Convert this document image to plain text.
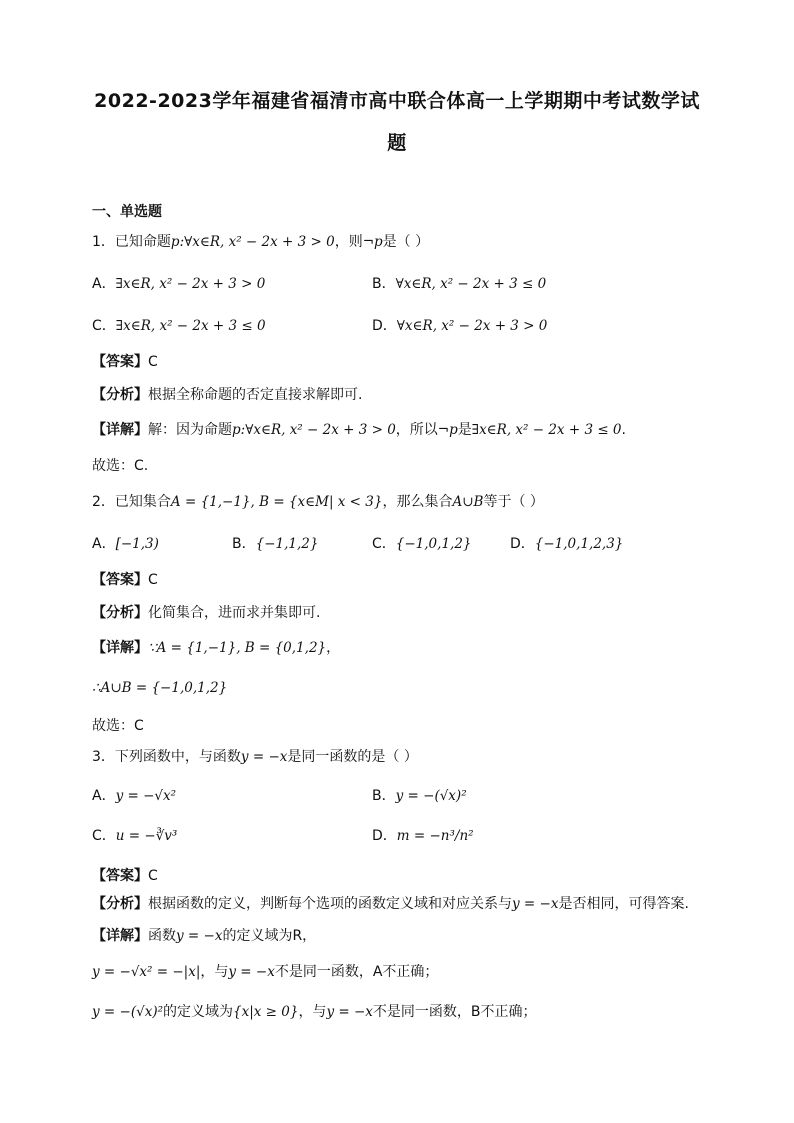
2022-2023学年福建省福清市高中联合体高一上学期期中考试数学试
题
一、单选题
1．已知命题p:∀x∈R, x² − 2x + 3 > 0，则¬p是（ ）
A．∃x∈R, x² − 2x + 3 > 0	B．∀x∈R, x² − 2x + 3 ≤ 0
C．∃x∈R, x² − 2x + 3 ≤ 0	D．∀x∈R, x² − 2x + 3 > 0
【答案】C
【分析】根据全称命题的否定直接求解即可.
【详解】解：因为命题p:∀x∈R, x² − 2x + 3 > 0，所以¬p是∃x∈R, x² − 2x + 3 ≤ 0.
故选：C.
2．已知集合A = {1,−1}, B = {x∈M| x < 3}，那么集合A∪B等于（ ）
A．[−1,3)	B．{−1,1,2}	C．{−1,0,1,2}	D．{−1,0,1,2,3}
【答案】C
【分析】化简集合，进而求并集即可.
【详解】∵A = {1,−1}, B = {0,1,2}，
∴A∪B = {−1,0,1,2}
故选：C
3．下列函数中，与函数y = −x是同一函数的是（ ）
A．y = −√x²	B．y = −(√x)²
C．u = −∛v³	D．m = −n³/n²
【答案】C
【分析】根据函数的定义，判断每个选项的函数定义域和对应关系与y = −x是否相同，可得答案.
【详解】函数y = −x的定义域为R，
y = −√x² = −|x|，与y = −x不是同一函数，A不正确；
y = −(√x)²的定义域为{x|x ≥ 0}，与y = −x不是同一函数，B不正确；
